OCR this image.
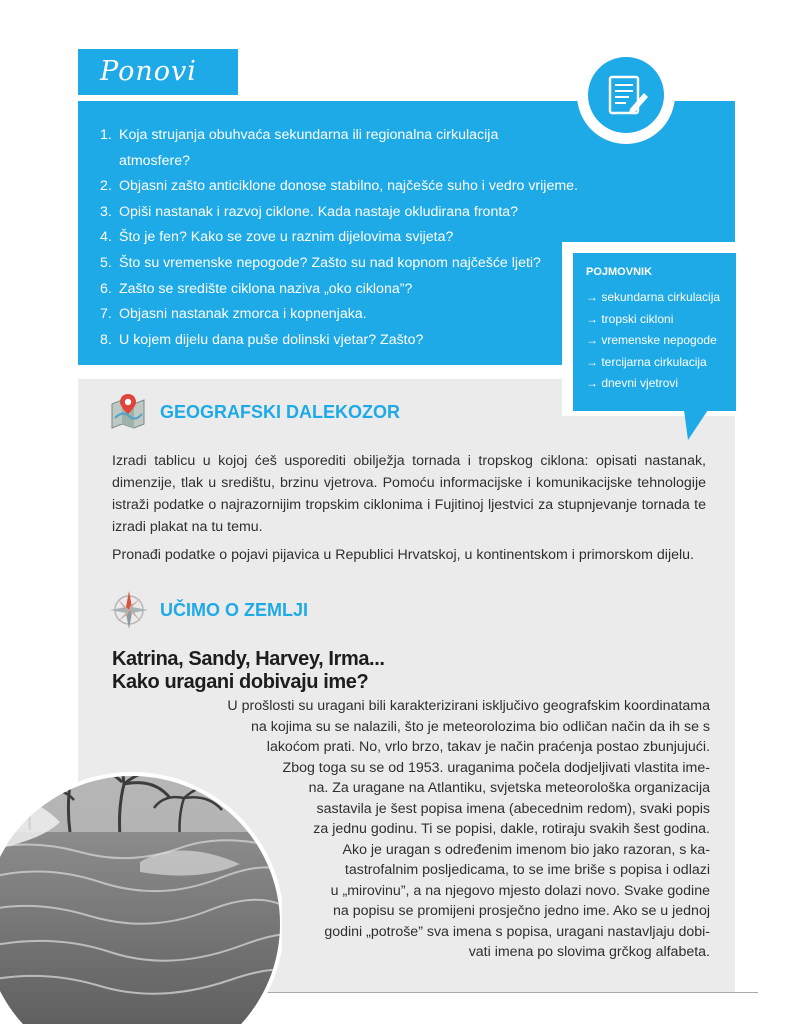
Ponovi
1. Koja strujanja obuhvaća sekundarna ili regionalna cirkulacija
atmosfere?
2. Objasni zašto anticiklone donose stabilno, najčešće suho i vedro vrijeme.
3. Opiši nastanak i razvoj ciklone. Kada nastaje okludirana fronta?
4. Što je fen? Kako se zove u raznim dijelovima svijeta?
5. Što su vremenske nepogode? Zašto su nad kopnom najčešće ljeti?
6. Zašto se središte ciklona naziva „oko ciklona”?
7. Objasni nastanak zmorca i kopnenjaka.
8. U kojem dijelu dana puše dolinski vjetar? Zašto?
POJMOVNIK
→ sekundarna cirkulacija
→ tropski cikloni
→ vremenske nepogode
→ tercijarna cirkulacija
→ dnevni vjetrovi
GEOGRAFSKI DALEKOZOR

Izradi tablicu u kojoj ćeš usporediti obilježja tornada i tropskog ciklona: opisati nastanak, dimenzije, tlak u središtu, brzinu vjetrova. Pomoću informacijske i komunikacijske tehnologije istraži podatke o najrazornijim tropskim ciklonima i Fujitinoj ljestvici za stupnjevanje tornada te izradi plakat na tu temu.

Pronađi podatke o pojavi pijavica u Republici Hrvatskoj, u kontinentskom i primorskom dijelu.

UČIMO O ZEMLJI
Katrina, Sandy, Harvey, Irma...
Kako uragani dobivaju ime?
U prošlosti su uragani bili karakterizirani isključivo geografskim koordinatama
na kojima su se nalazili, što je meteorolozima bio odličan način da ih se s
lakoćom prati. No, vrlo brzo, takav je način praćenja postao zbunjujući.
Zbog toga su se od 1953. uraganima počela dodjeljivati vlastita ime-
na. Za uragane na Atlantiku, svjetska meteorološka organizacija
sastavila je šest popisa imena (abecednim redom), svaki popis
za jednu godinu. Ti se popisi, dakle, rotiraju svakih šest godina.
Ako je uragan s određenim imenom bio jako razoran, s ka-
tastrofalnim posljedicama, to se ime briše s popisa i odlazi
u „mirovinu”, a na njegovo mjesto dolazi novo. Svake godine
na popisu se promijeni prosječno jedno ime. Ako se u jednoj
godini „potroše” sva imena s popisa, uragani nastavljaju dobi-
vati imena po slovima grčkog alfabeta.
